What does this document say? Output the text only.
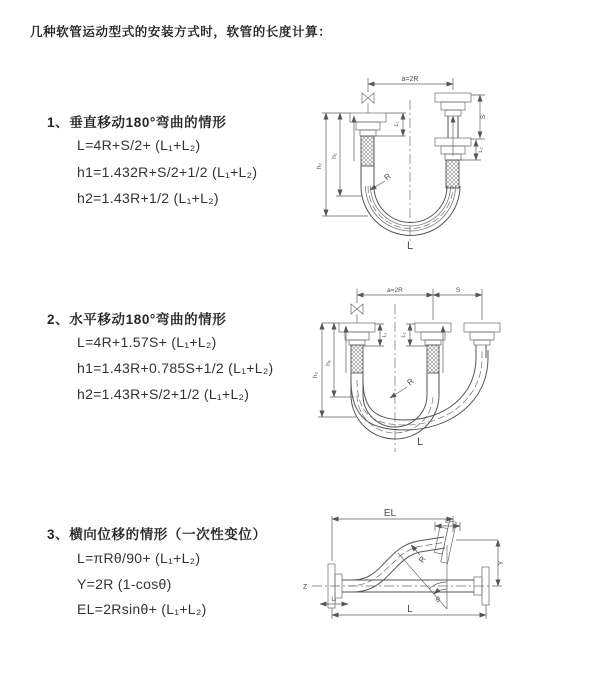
几种软管运动型式的安装方式时，软管的长度计算：
1、垂直移动180°弯曲的情形
L=4R+S/2+ (L₁+L₂)
h1=1.432R+S/2+1/2 (L₁+L₂)
h2=1.43R+1/2 (L₁+L₂)
2、水平移动180°弯曲的情形
L=4R+1.57S+ (L₁+L₂)
h1=1.43R+0.785S+1/2 (L₁+L₂)
h2=1.43R+S/2+1/2 (L₁+L₂)
3、横向位移的情形（一次性变位）
L=πRθ/90+ (L₁+L₂)
Y=2R (1-cosθ)
EL=2Rsinθ+ (L₁+L₂)
a=2R
S
L₂
L₁
h₁
h₂
R
L
a=2R	S
L₁ L₂
h₁
h₂
R
L
Z
EL
L₂
Y
θ
R
L₁
L
